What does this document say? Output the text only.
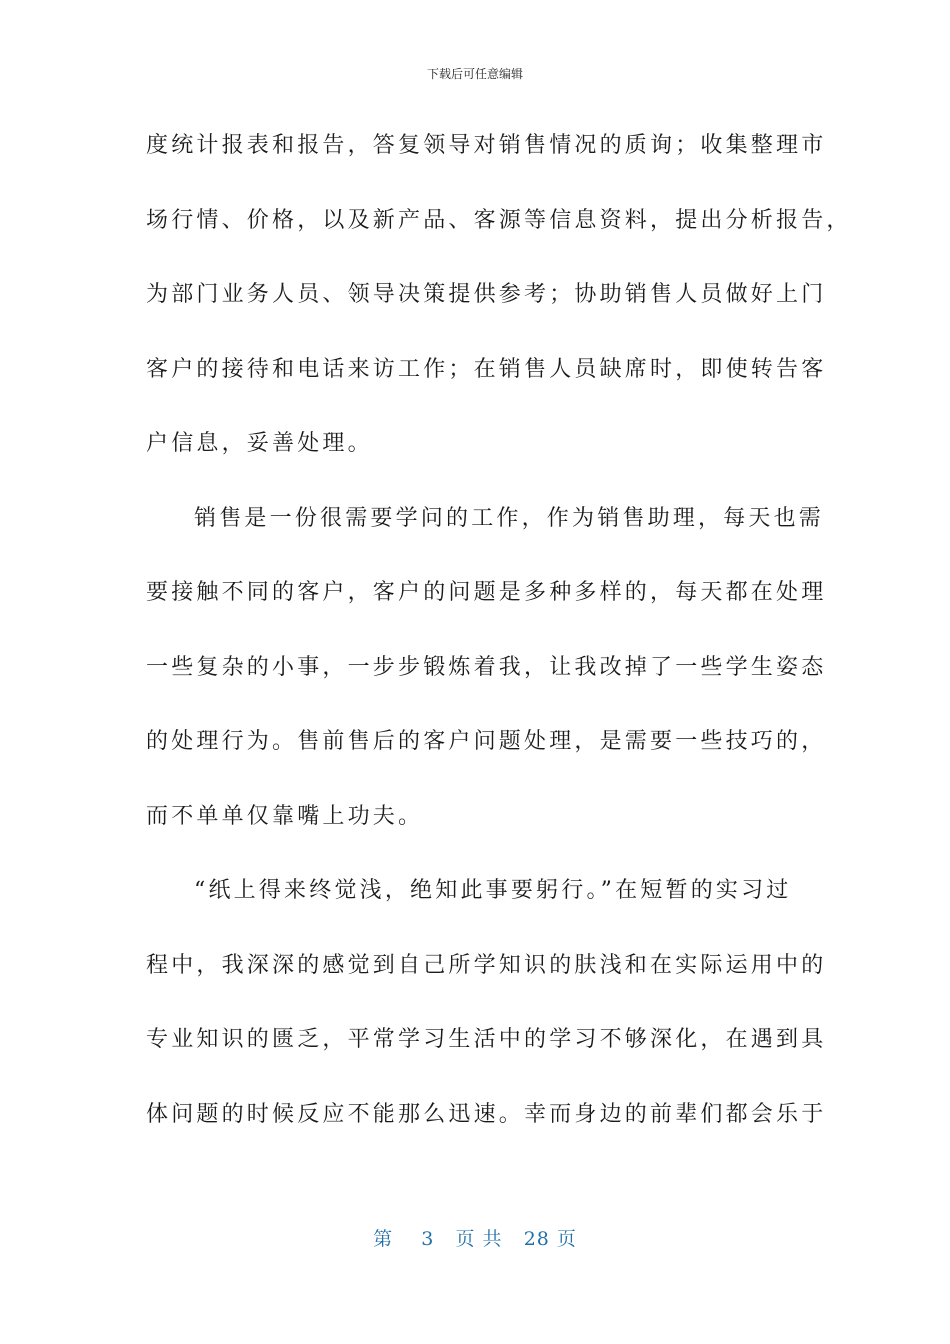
下载后可任意编辑
度统计报表和报告，答复领导对销售情况的质询；收集整理市
场行情、价格，以及新产品、客源等信息资料，提出分析报告，
为部门业务人员、领导决策提供参考；协助销售人员做好上门
客户的接待和电话来访工作；在销售人员缺席时，即使转告客
户信息，妥善处理。
销售是一份很需要学问的工作，作为销售助理，每天也需
要接触不同的客户，客户的问题是多种多样的，每天都在处理
一些复杂的小事，一步步锻炼着我，让我改掉了一些学生姿态
的处理行为。售前售后的客户问题处理，是需要一些技巧的，
而不单单仅靠嘴上功夫。
“纸上得来终觉浅，绝知此事要躬行。”在短暂的实习过
程中，我深深的感觉到自己所学知识的肤浅和在实际运用中的
专业知识的匮乏，平常学习生活中的学习不够深化，在遇到具
体问题的时候反应不能那么迅速。幸而身边的前辈们都会乐于
第 3 页 共 28 页
